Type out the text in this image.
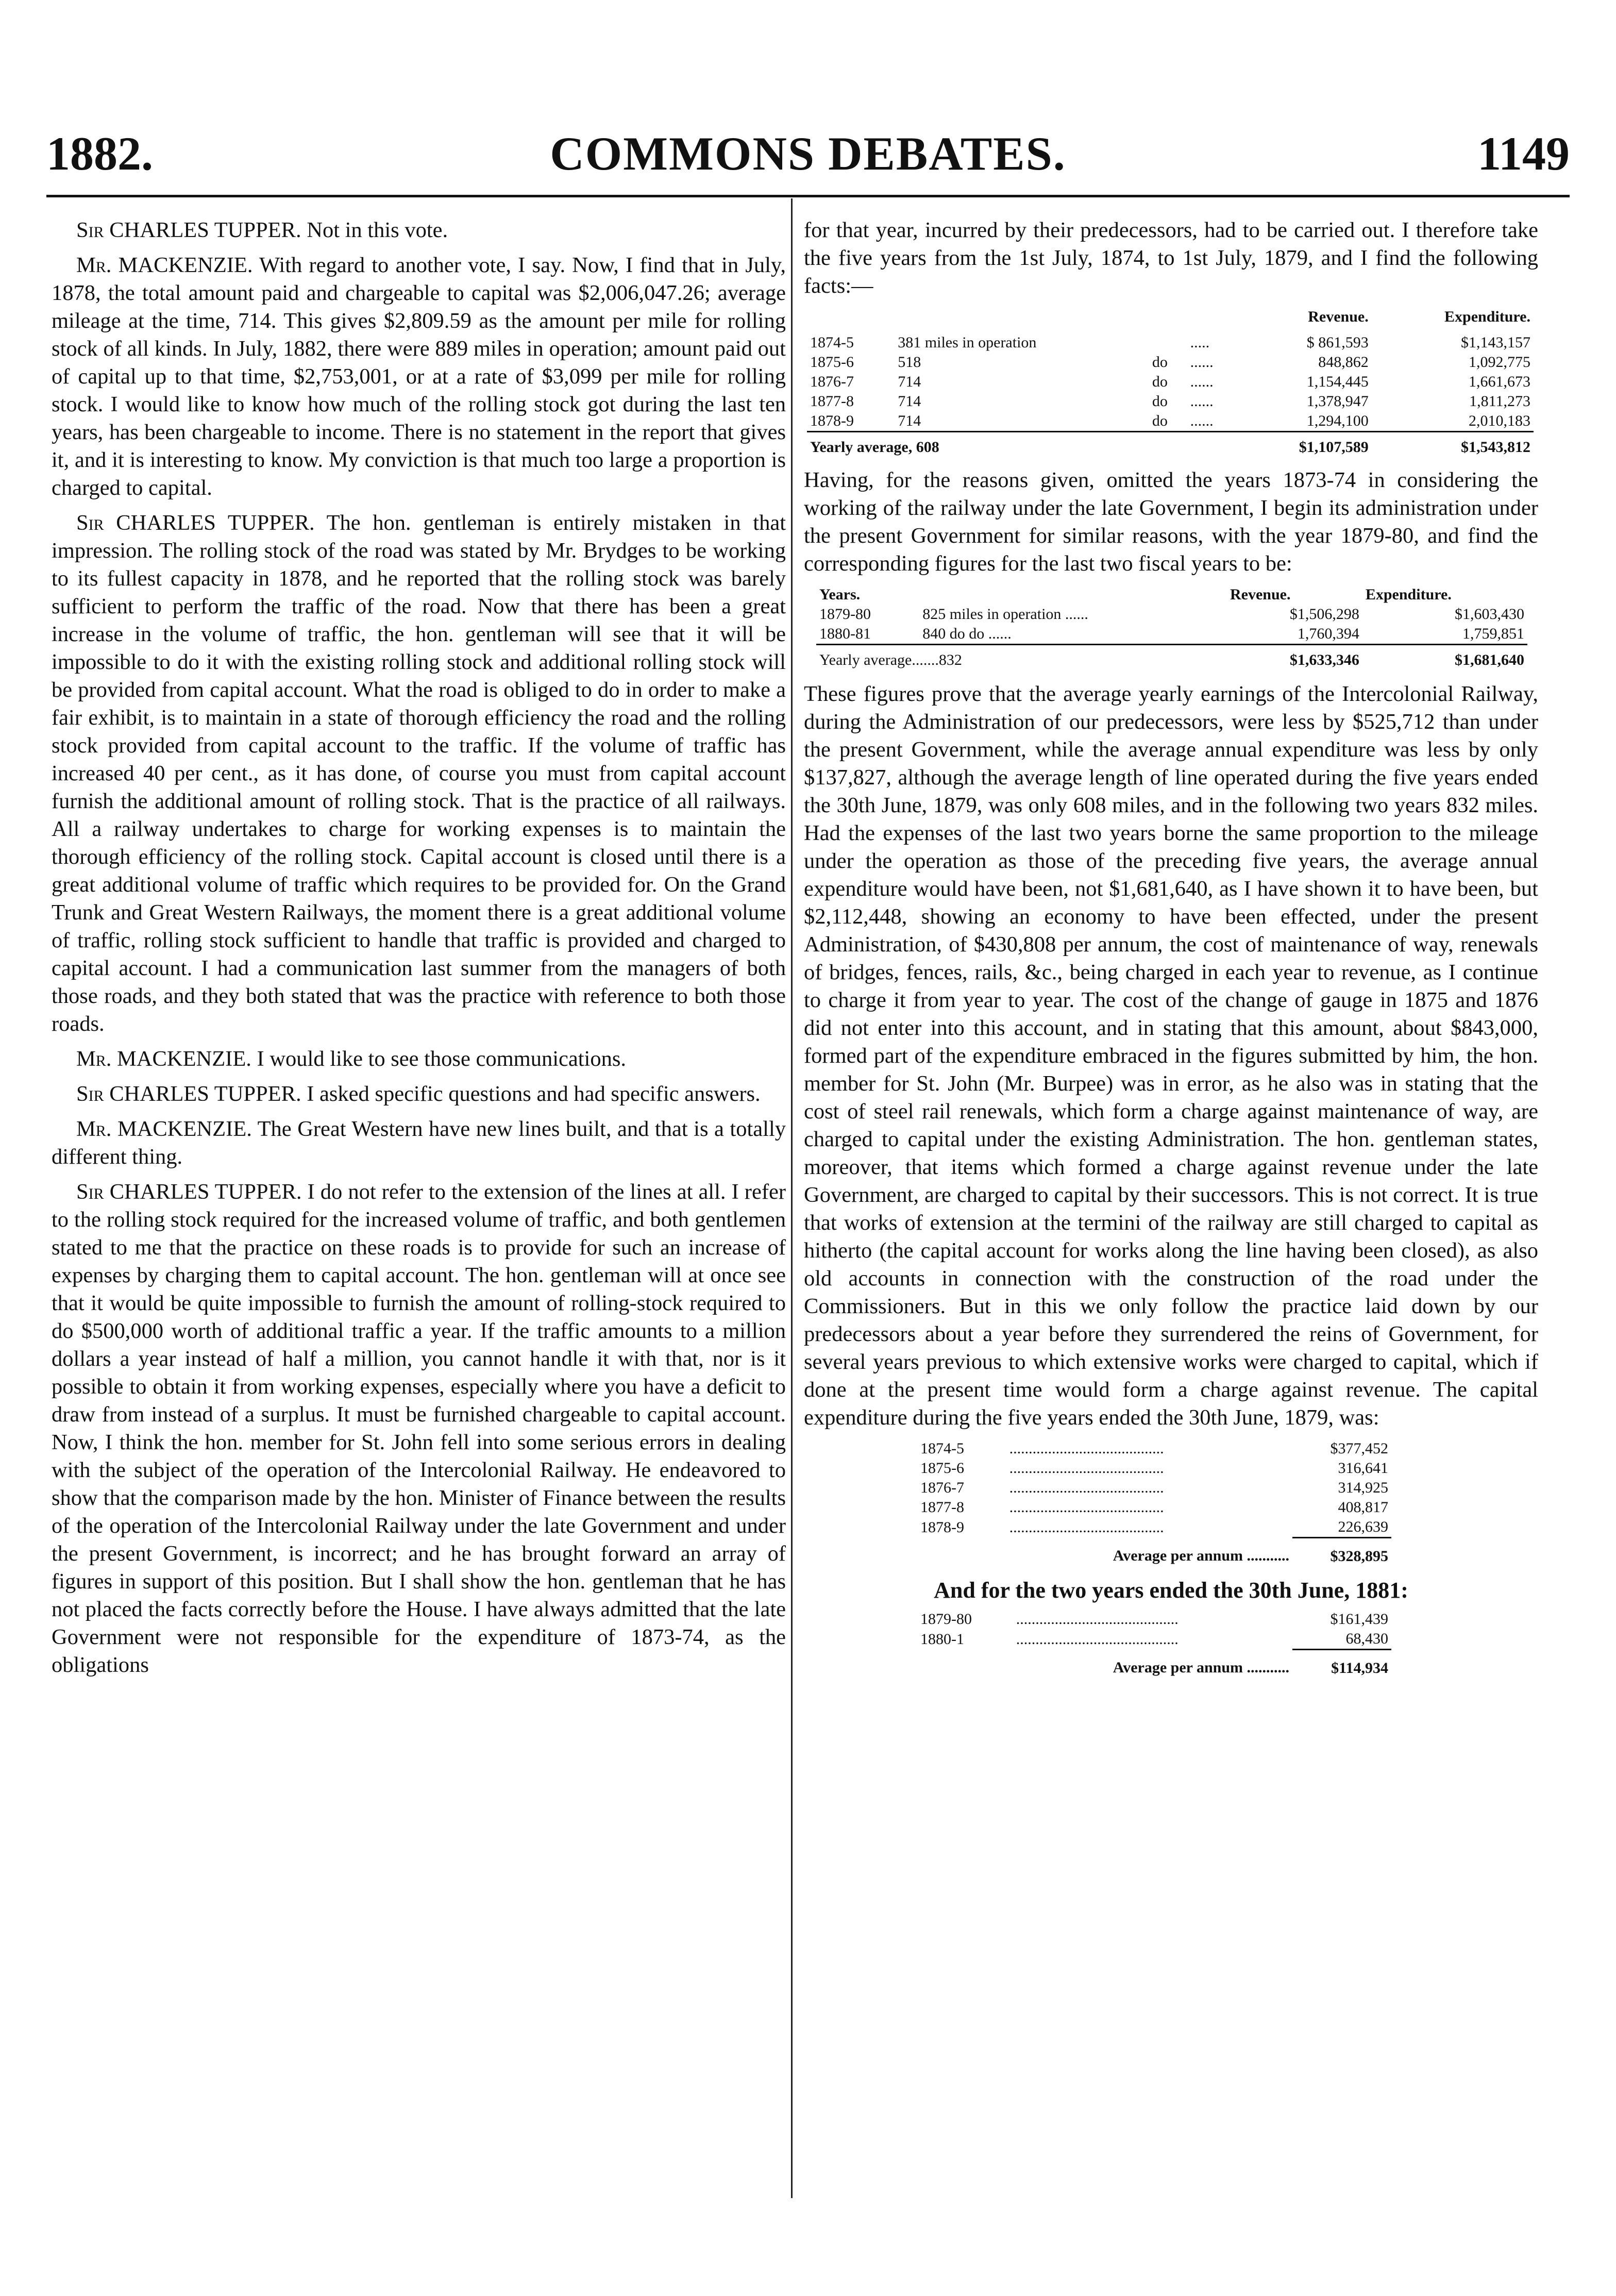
1882.	COMMONS DEBATES.	1149

Sir CHARLES TUPPER. Not in this vote.

Mr. MACKENZIE. With regard to another vote, I say. Now, I find that in July, 1878, the total amount paid and chargeable to capital was $2,006,047.26; average mileage at the time, 714. This gives $2,809.59 as the amount per mile for rolling stock of all kinds. In July, 1882, there were 889 miles in operation; amount paid out of capital up to that time, $2,753,001, or at a rate of $3,099 per mile for rolling stock. I would like to know how much of the rolling stock got during the last ten years, has been chargeable to income. There is no statement in the report that gives it, and it is interesting to know. My conviction is that much too large a proportion is charged to capital.

Sir CHARLES TUPPER. The hon. gentleman is entirely mistaken in that impression. The rolling stock of the road was stated by Mr. Brydges to be working to its fullest capacity in 1878, and he reported that the rolling stock was barely sufficient to perform the traffic of the road. Now that there has been a great increase in the volume of traffic, the hon. gentleman will see that it will be impossible to do it with the existing rolling stock and additional rolling stock will be provided from capital account. What the road is obliged to do in order to make a fair exhibit, is to maintain in a state of thorough efficiency the road and the rolling stock provided from capital account to the traffic. If the volume of traffic has increased 40 per cent., as it has done, of course you must from capital account furnish the additional amount of rolling stock. That is the practice of all railways. All a railway undertakes to charge for working expenses is to maintain the thorough efficiency of the rolling stock. Capital account is closed until there is a great additional volume of traffic which requires to be provided for. On the Grand Trunk and Great Western Railways, the moment there is a great additional volume of traffic, rolling stock sufficient to handle that traffic is provided and charged to capital account. I had a communication last summer from the managers of both those roads, and they both stated that was the practice with reference to both those roads.

Mr. MACKENZIE. I would like to see those communications.

Sir CHARLES TUPPER. I asked specific questions and had specific answers.

Mr. MACKENZIE. The Great Western have new lines built, and that is a totally different thing.

Sir CHARLES TUPPER. I do not refer to the extension of the lines at all. I refer to the rolling stock required for the increased volume of traffic, and both gentlemen stated to me that the practice on these roads is to provide for such an increase of expenses by charging them to capital account. The hon. gentleman will at once see that it would be quite impossible to furnish the amount of rolling-stock required to do $500,000 worth of additional traffic a year. If the traffic amounts to a million dollars a year instead of half a million, you cannot handle it with that, nor is it possible to obtain it from working expenses, especially where you have a deficit to draw from instead of a surplus. It must be furnished chargeable to capital account. Now, I think the hon. member for St. John fell into some serious errors in dealing with the subject of the operation of the Intercolonial Railway. He endeavored to show that the comparison made by the hon. Minister of Finance between the results of the operation of the Intercolonial Railway under the late Government and under the present Government, is incorrect; and he has brought forward an array of figures in support of this position. But I shall show the hon. gentleman that he has not placed the facts correctly before the House. I have always admitted that the late Government were not responsible for the expenditure of 1873-74, as the obligations

for that year, incurred by their predecessors, had to be carried out. I therefore take the five years from the 1st July, 1874, to 1st July, 1879, and I find the following facts:—

				Revenue.	Expenditure.

1874-5	381 miles in operation		.....	$ 861,593	$1,143,157
1875-6	518	do	......	848,862	1,092,775
1876-7	714	do	......	1,154,445	1,661,673
1877-8	714	do	......	1,378,947	1,811,273
1878-9	714	do	......	1,294,100	2,010,183
Yearly average, 608				$1,107,589	$1,543,812

Having, for the reasons given, omitted the years 1873-74 in considering the working of the railway under the late Government, I begin its administration under the present Government for similar reasons, with the year 1879-80, and find the corresponding figures for the last two fiscal years to be:

Years.		Revenue.	Expenditure.
1879-80	825 miles in operation ......	$1,506,298	$1,603,430
1880-81	840 do do ......	1,760,394	1,759,851
Yearly average.......832		$1,633,346	$1,681,640

These figures prove that the average yearly earnings of the Intercolonial Railway, during the Administration of our predecessors, were less by $525,712 than under the present Government, while the average annual expenditure was less by only $137,827, although the average length of line operated during the five years ended the 30th June, 1879, was only 608 miles, and in the following two years 832 miles. Had the expenses of the last two years borne the same proportion to the mileage under the operation as those of the preceding five years, the average annual expenditure would have been, not $1,681,640, as I have shown it to have been, but $2,112,448, showing an economy to have been effected, under the present Administration, of $430,808 per annum, the cost of maintenance of way, renewals of bridges, fences, rails, &c., being charged in each year to revenue, as I continue to charge it from year to year. The cost of the change of gauge in 1875 and 1876 did not enter into this account, and in stating that this amount, about $843,000, formed part of the expenditure embraced in the figures submitted by him, the hon. member for St. John (Mr. Burpee) was in error, as he also was in stating that the cost of steel rail renewals, which form a charge against maintenance of way, are charged to capital under the existing Administration. The hon. gentleman states, moreover, that items which formed a charge against revenue under the late Government, are charged to capital by their successors. This is not correct. It is true that works of extension at the termini of the railway are still charged to capital as hitherto (the capital account for works along the line having been closed), as also old accounts in connection with the construction of the road under the Commissioners. But in this we only follow the practice laid down by our predecessors about a year before they surrendered the reins of Government, for several years previous to which extensive works were charged to capital, which if done at the present time would form a charge against revenue. The capital expenditure during the five years ended the 30th June, 1879, was:

1874-5	........................................	$377,452
1875-6	........................................	316,641
1876-7	........................................	314,925
1877-8	........................................	408,817
1878-9	........................................	226,639
Average per annum ...........		$328,895
And for the two years ended the 30th June, 1881:
1879-80	..........................................	$161,439
1880-1	..........................................	68,430
Average per annum ...........		$114,934
